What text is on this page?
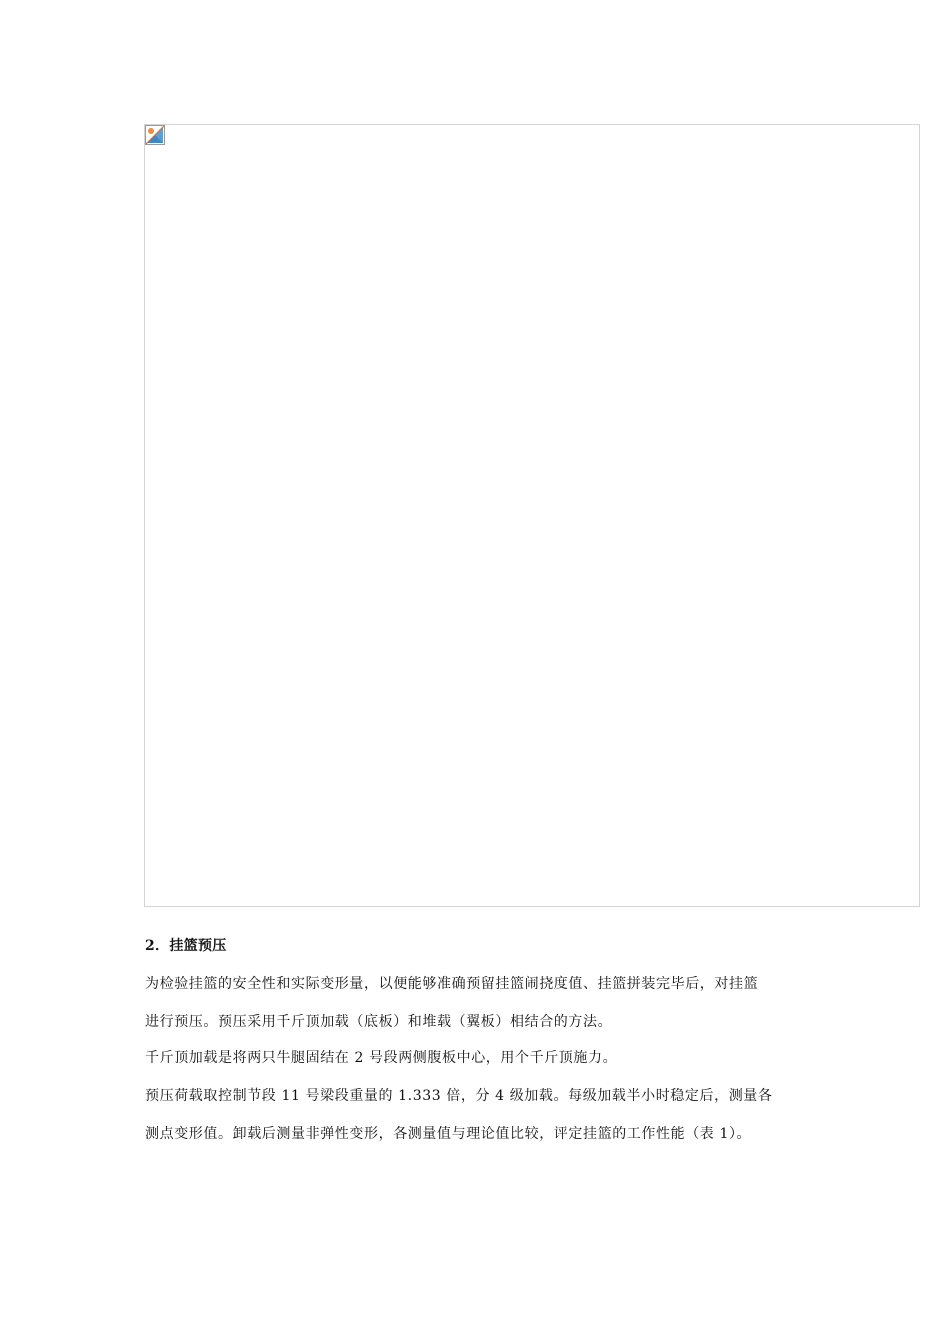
2．挂篮预压
为检验挂篮的安全性和实际变形量，以便能够准确预留挂篮闹挠度值、挂篮拼装完毕后，对挂篮
进行预压。预压采用千斤顶加载（底板）和堆载（翼板）相结合的方法。
千斤顶加载是将两只牛腿固结在 2 号段两侧腹板中心，用个千斤顶施力。
预压荷载取控制节段 11 号梁段重量的 1.333 倍，分 4 级加载。每级加载半小时稳定后，测量各
测点变形值。卸载后测量非弹性变形，各测量值与理论值比较，评定挂篮的工作性能（表 1）。
